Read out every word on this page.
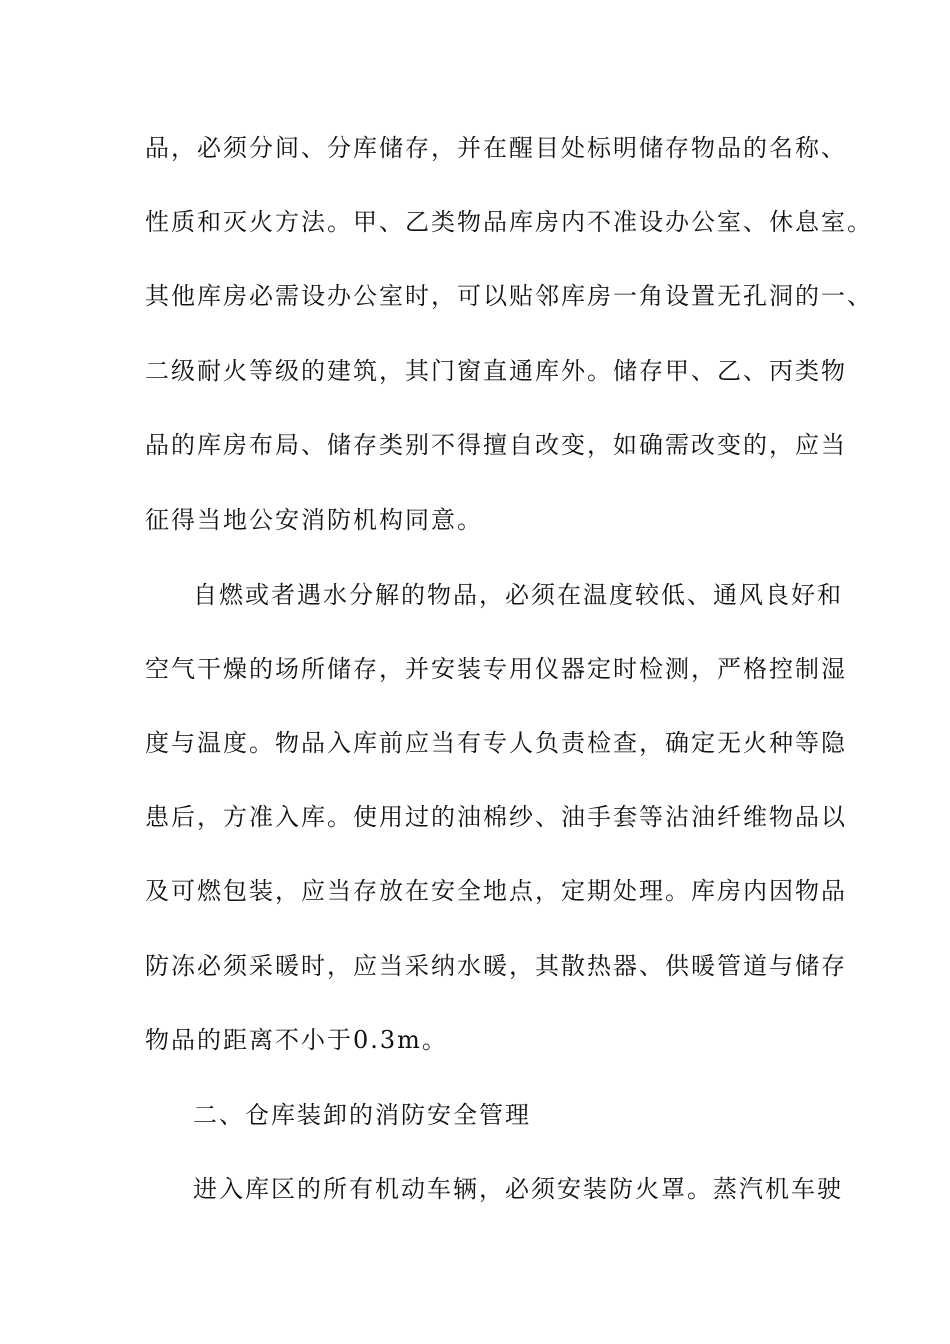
品，必须分间、分库储存，并在醒目处标明储存物品的名称、
性质和灭火方法。甲、乙类物品库房内不准设办公室、休息室。
其他库房必需设办公室时，可以贴邻库房一角设置无孔洞的一、
二级耐火等级的建筑，其门窗直通库外。储存甲、乙、丙类物
品的库房布局、储存类别不得擅自改变，如确需改变的，应当
征得当地公安消防机构同意。
自燃或者遇水分解的物品，必须在温度较低、通风良好和
空气干燥的场所储存，并安装专用仪器定时检测，严格控制湿
度与温度。物品入库前应当有专人负责检查，确定无火种等隐
患后，方准入库。使用过的油棉纱、油手套等沾油纤维物品以
及可燃包装，应当存放在安全地点，定期处理。库房内因物品
防冻必须采暖时，应当采纳水暖，其散热器、供暖管道与储存
物品的距离不小于0.3m。
二、仓库装卸的消防安全管理
进入库区的所有机动车辆，必须安装防火罩。蒸汽机车驶
